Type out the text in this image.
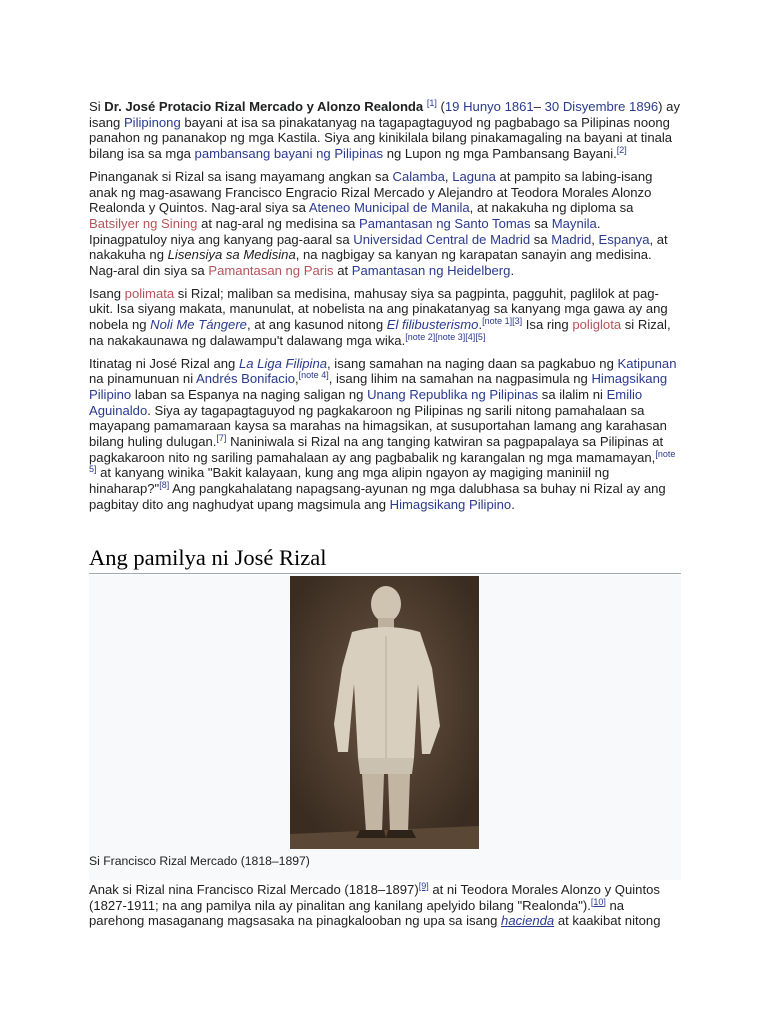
Si Dr. José Protacio Rizal Mercado y Alonzo Realonda [1] (19 Hunyo 1861– 30 Disyembre 1896) ay isang Pilipinong bayani at isa sa pinakatanyag na tagapagtaguyod ng pagbabago sa Pilipinas noong panahon ng pananakop ng mga Kastila. Siya ang kinikilala bilang pinakamagaling na bayani at tinala bilang isa sa mga pambansang bayani ng Pilipinas ng Lupon ng mga Pambansang Bayani.[2]

Pinanganak si Rizal sa isang mayamang angkan sa Calamba, Laguna at pampito sa labing-isang anak ng mag-asawang Francisco Engracio Rizal Mercado y Alejandro at Teodora Morales Alonzo Realonda y Quintos. Nag-aral siya sa Ateneo Municipal de Manila, at nakakuha ng diploma sa Batsilyer ng Sining at nag-aral ng medisina sa Pamantasan ng Santo Tomas sa Maynila. Ipinagpatuloy niya ang kanyang pag-aaral sa Universidad Central de Madrid sa Madrid, Espanya, at nakakuha ng Lisensiya sa Medisina, na nagbigay sa kanyan ng karapatan sanayin ang medisina. Nag-aral din siya sa Pamantasan ng Paris at Pamantasan ng Heidelberg.

Isang polimata si Rizal; maliban sa medisina, mahusay siya sa pagpinta, pagguhit, paglilok at pag-ukit. Isa siyang makata, manunulat, at nobelista na ang pinakatanyag sa kanyang mga gawa ay ang nobela ng Noli Me Tángere, at ang kasunod nitong El filibusterismo.[note 1][3] Isa ring poliglota si Rizal, na nakakaunawa ng dalawampu't dalawang mga wika.[note 2][note 3][4][5]

Itinatag ni José Rizal ang La Liga Filipina, isang samahan na naging daan sa pagkabuo ng Katipunan na pinamunuan ni Andrés Bonifacio,[note 4], isang lihim na samahan na nagpasimula ng Himagsikang Pilipino laban sa Espanya na naging saligan ng Unang Republika ng Pilipinas sa ilalim ni Emilio Aguinaldo. Siya ay tagapagtaguyod ng pagkakaroon ng Pilipinas ng sarili nitong pamahalaan sa mayapang pamamaraan kaysa sa marahas na himagsikan, at susuportahan lamang ang karahasan bilang huling dulugan.[7] Naniniwala si Rizal na ang tanging katwiran sa pagpapalaya sa Pilipinas at pagkakaroon nito ng sariling pamahalaan ay ang pagbabalik ng karangalan ng mga mamamayan,[note 5] at kanyang winika "Bakit kalayaan, kung ang mga alipin ngayon ay magiging maniniil ng hinaharap?"[8] Ang pangkahalatang napagsang-ayunan ng mga dalubhasa sa buhay ni Rizal ay ang pagbitay dito ang naghudyat upang magsimula ang Himagsikang Pilipino.

Ang pamilya ni José Rizal
Si Francisco Rizal Mercado (1818–1897)

Anak si Rizal nina Francisco Rizal Mercado (1818–1897)[9] at ni Teodora Morales Alonzo y Quintos (1827-1911; na ang pamilya nila ay pinalitan ang kanilang apelyido bilang "Realonda").[10] na parehong masaganang magsasaka na pinagkalooban ng upa sa isang hacienda at kaakibat nitong
